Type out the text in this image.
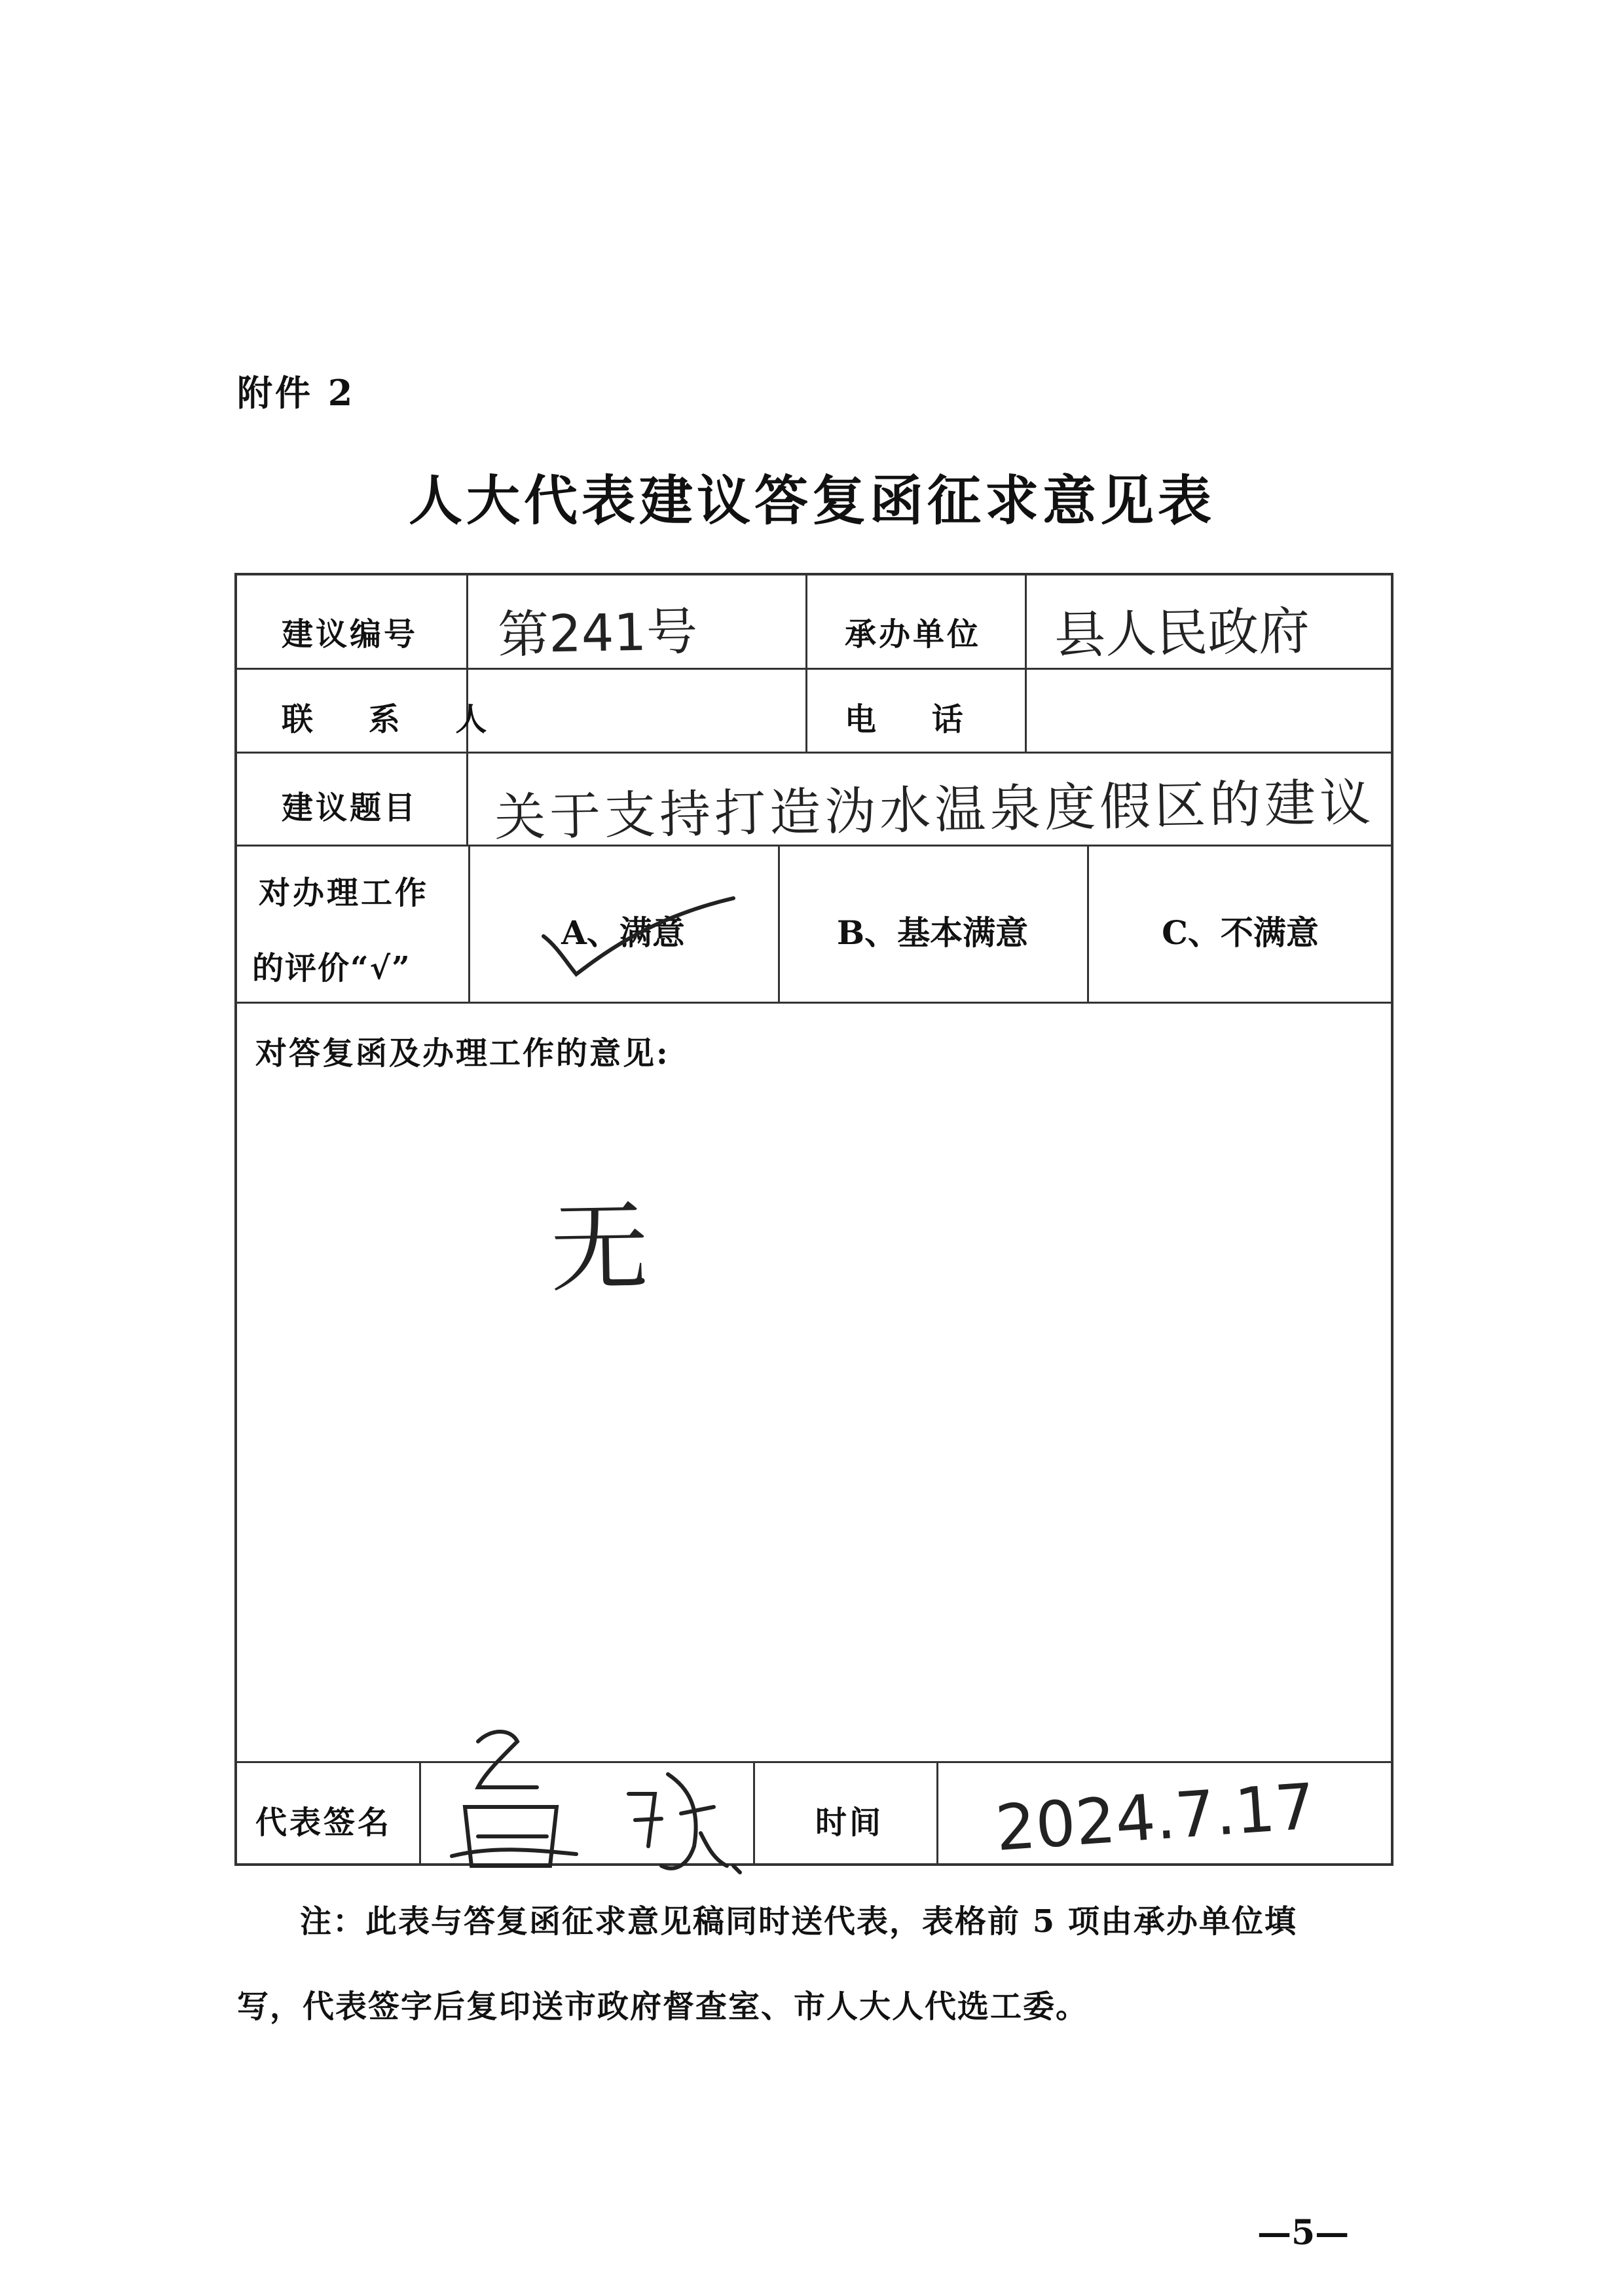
附件 2
人大代表建议答复函征求意见表
建议编号 第241号	承办单位 县人民政府
联 系 人	电 话
建议题目 关于支持打造沩水温泉度假区的建议
对办理工作
的评价“√”
A、满意	B、基本满意	C、不满意
对答复函及办理工作的意见:
无
代表签名	时间 2024.7.17
注：此表与答复函征求意见稿同时送代表，表格前 5 项由承办单位填
写，代表签字后复印送市政府督查室、市人大人代选工委。
—5—
